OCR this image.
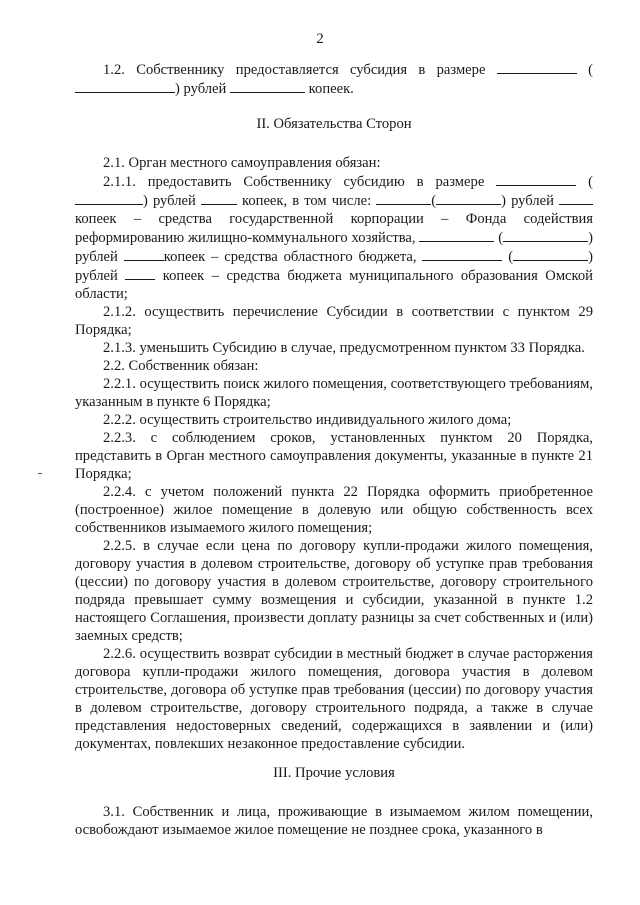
2

1.2. Собственнику предоставляется субсидия в размере	() рублей	копеек.

II. Обязательства Сторон

2.1. Орган местного самоуправления обязан:

2.1.1. предоставить Собственнику субсидию в размере	() рублей	копеек, в том числе:	(	) рублей  копеек – средства государственной корпорации – Фонда содействия реформированию жилищно-коммунального хозяйства,	(	) рублей	копеек – средства областного бюджета,	(	) рублей	копеек – средства бюджета муниципального образования Омской области;

2.1.2. осуществить перечисление Субсидии в соответствии с пунктом 29 Порядка;

2.1.3. уменьшить Субсидию в случае, предусмотренном пунктом 33 Порядка.

2.2. Собственник обязан:

2.2.1. осуществить поиск жилого помещения, соответствующего требованиям, указанным в пункте 6 Порядка;

2.2.2. осуществить строительство индивидуального жилого дома;

2.2.3. с соблюдением сроков, установленных пунктом 20 Порядка, представить в Орган местного самоуправления документы, указанные в пункте 21 Порядка;

2.2.4. с учетом положений пункта 22 Порядка оформить приобретенное (построенное) жилое помещение в долевую или общую собственность всех собственников изымаемого жилого помещения;

2.2.5. в случае если цена по договору купли-продажи жилого помещения, договору участия в долевом строительстве, договору об уступке прав требования (цессии) по договору участия в долевом строительстве, договору строительного подряда превышает сумму возмещения и субсидии, указанной в пункте 1.2 настоящего Соглашения, произвести доплату разницы за счет собственных и (или) заемных средств;

2.2.6. осуществить возврат субсидии в местный бюджет в случае расторжения договора купли-продажи жилого помещения, договора участия в долевом строительстве, договора об уступке прав требования (цессии) по договору участия в долевом строительстве, договору строительного подряда, а также в случае представления недостоверных сведений, содержащихся в заявлении и (или) документах, повлекших незаконное предоставление субсидии.

III. Прочие условия

3.1. Собственник и лица, проживающие в изымаемом жилом помещении, освобождают изымаемое жилое помещение не позднее срока, указанного в
